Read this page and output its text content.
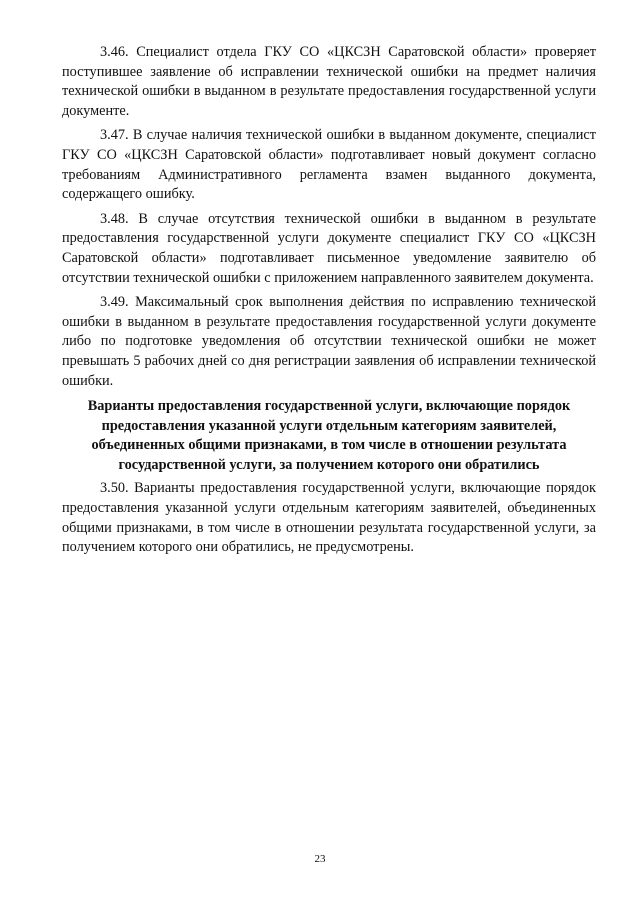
3.46. Специалист отдела ГКУ СО «ЦКСЗН Саратовской области» проверяет поступившее заявление об исправлении технической ошибки на предмет наличия технической ошибки в выданном в результате предоставления государственной услуги документе.

3.47. В случае наличия технической ошибки в выданном документе, специалист ГКУ СО «ЦКСЗН Саратовской области» подготавливает новый документ согласно требованиям Административного регламента взамен выданного документа, содержащего ошибку.

3.48. В случае отсутствия технической ошибки в выданном в результате предоставления государственной услуги документе специалист ГКУ СО «ЦКСЗН Саратовской области» подготавливает письменное уведомление заявителю об отсутствии технической ошибки с приложением направленного заявителем документа.

3.49. Максимальный срок выполнения действия по исправлению технической ошибки в выданном в результате предоставления государственной услуги документе либо по подготовке уведомления об отсутствии технической ошибки не может превышать 5 рабочих дней со дня регистрации заявления об исправлении технической ошибки.

Варианты предоставления государственной услуги, включающие порядок предоставления указанной услуги отдельным категориям заявителей, объединенных общими признаками, в том числе в отношении результата государственной услуги, за получением которого они обратились

3.50. Варианты предоставления государственной услуги, включающие порядок предоставления указанной услуги отдельным категориям заявителей, объединенных общими признаками, в том числе в отношении результата государственной услуги, за получением которого они обратились, не предусмотрены.

23
